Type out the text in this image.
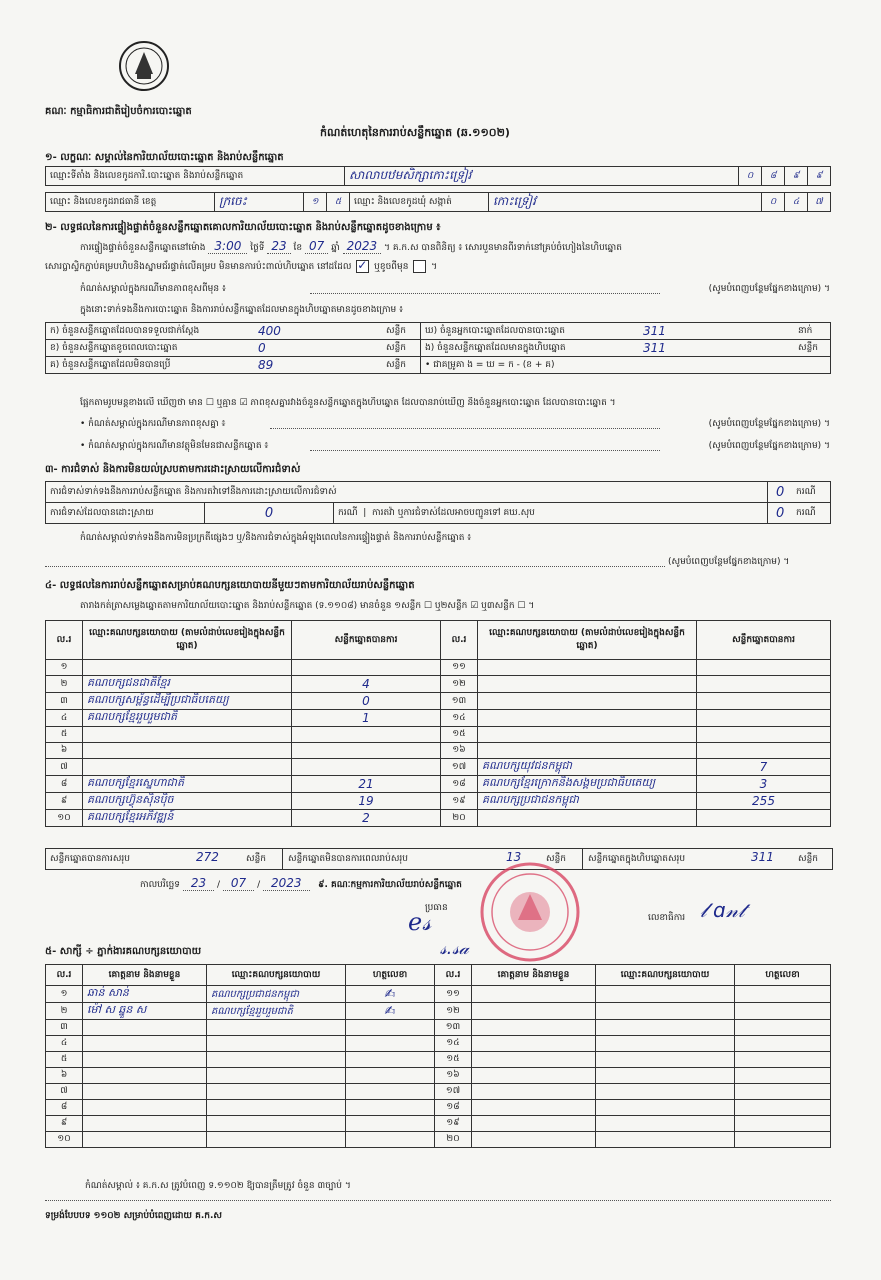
គណៈ កម្មាធិការជាតិរៀបចំការបោះឆ្នោត
កំណត់ហេតុនៃការរាប់សន្លឹកឆ្នោត (ឆ.១១០២)
១- លក្ខណៈ សម្គាល់នៃការិយាល័យបោះឆ្នោត និងរាប់សន្លឹកឆ្នោត
ឈ្មោះទីតាំង និងលេខកូដការិ.បោះឆ្នោត និងរាប់សន្លឹកឆ្នោត	សាលាបឋមសិក្សាកោះទ្រៀវ	០	៨	៩	៩
ឈ្មោះ និងលេខកូដរាជធានី ខេត្ត	ក្រចេះ	១	៥	ឈ្មោះ និងលេខកូដឃុំ សង្កាត់	កោះទ្រៀវ	០	៤	៧
២- លទ្ធផលនៃការផ្ទៀងផ្ទាត់ចំនួនសន្លឹកឆ្នោតគោលការិយាល័យបោះឆ្នោត និងរាប់សន្លឹកឆ្នោតដូចខាងក្រោម ៖
ការផ្ទៀងផ្ទាត់ចំនួនសន្លឹកឆ្នោតនៅម៉ោង 3:00 ថ្ងៃទី 23 ខែ 07 ឆ្នាំ 2023 ។ គ.ក.ស បានពិនិត្យ ៖ សោរបួនមានពីរទាក់នៅគ្រប់ចំហៀងនៃហិបឆ្នោត
សោរប្លាស្ទិកភ្ជាប់គម្របហិបនិងស្នាមជ័រផ្ទាត់លើគម្រប មិនមានការប៉ះពាល់ហិបឆ្នោត នៅដដែល ✓	ឬខូចពីមុន  ។
កំណត់សម្គាល់ក្នុងករណីមានភាពខុសពីមុន ៖	(សូមបំពេញបន្ថែមផ្នែកខាងក្រោម) ។
ក្នុងនោះទាក់ទងនឹងការបោះឆ្នោត និងការរាប់សន្លឹកឆ្នោតដែលមានក្នុងហិបឆ្នោតមានដូចខាងក្រោម ៖
ក) ចំនួនសន្លឹកឆ្នោតដែលបានទទួលជាក់ស្តែង	400	សន្លឹក	ឃ) ចំនួនអ្នកបោះឆ្នោតដែលបានបោះឆ្នោត	311	នាក់
ខ) ចំនួនសន្លឹកឆ្នោតខូចពេលបោះឆ្នោត	0	សន្លឹក	ង) ចំនួនសន្លឹកឆ្នោតដែលមានក្នុងហិបឆ្នោត	311	សន្លឹក
គ) ចំនួនសន្លឹកឆ្នោតដែលមិនបានប្រើ	89	សន្លឹក	• ជាគម្រូគា ង = ឃ = ក - (ខ + គ)		
ផ្អែកតាមរូបមន្តខាងលើ ឃើញថា មាន ☐ ឬគ្មាន ☑ ភាពខុសគ្នារវាងចំនួនសន្លឹកឆ្នោតក្នុងហិបឆ្នោត ដែលបានរាប់ឃើញ និងចំនួនអ្នកបោះឆ្នោត ដែលបានបោះឆ្នោត ។
• កំណត់សម្គាល់ក្នុងករណីមានភាពខុសគ្នា ៖	(សូមបំពេញបន្ថែមផ្នែកខាងក្រោម) ។
• កំណត់សម្គាល់ក្នុងករណីមានវត្ថុមិនមែនជាសន្លឹកឆ្នោត ៖	(សូមបំពេញបន្ថែមផ្នែកខាងក្រោម) ។
៣- ការជំទាស់ និងការមិនយល់ស្របតាមការដោះស្រាយលើការជំទាស់
ការជំទាស់ទាក់ទងនឹងការរាប់សន្លឹកឆ្នោត និងការតវ៉ាទៅនឹងការដោះស្រាយលើការជំទាស់			0	ករណី
ការជំទាស់ដែលបានដោះស្រាយ	0	ករណី  |  ការតវ៉ា ឬការជំទាស់ដែលអាចបញ្ជូនទៅ គឃ.សុប	0	ករណី
កំណត់សម្គាល់ទាក់ទងនឹងការមិនប្រក្រតីផ្សេងៗ ឬ/និងការជំទាស់ក្នុងអំឡុងពេលនៃការផ្ទៀងផ្ទាត់ និងការរាប់សន្លឹកឆ្នោត ៖
(សូមបំពេញបន្ថែមផ្នែកខាងក្រោម) ។
៤- លទ្ធផលនៃការរាប់សន្លឹកឆ្នោតសម្រាប់គណបក្សនយោបាយនីមួយៗតាមការិយាល័យរាប់សន្លឹកឆ្នោត
តារាងកត់ត្រាសម្លេងឆ្នោតតាមការិយាល័យបោះឆ្នោត និងរាប់សន្លឹកឆ្នោត (ទ.១១០៨) មានចំនួន ១សន្លឹក ☐ ឬ២សន្លឹក ☑ ឬ៣សន្លឹក ☐ ។
ល.រ	ឈ្មោះគណបក្សនយោបាយ (តាមលំដាប់លេខរៀងក្នុងសន្លឹកឆ្នោត)	សន្លឹកឆ្នោតបានការ	ល.រ	ឈ្មោះគណបក្សនយោបាយ (តាមលំដាប់លេខរៀងក្នុងសន្លឹកឆ្នោត)	សន្លឹកឆ្នោតបានការ
១			១១		
២	គណបក្សជនជាតិខ្មែរ	4	១២		
៣	គណបក្សសម្ព័ន្ធដើម្បីប្រជាធិបតេយ្យ	0	១៣		
៤	គណបក្សខ្មែររួបរួមជាតិ	1	១៤		
៥			១៥		
៦			១៦		
៧			១៧	គណបក្សយុវជនកម្ពុជា	7
៨	គណបក្សខ្មែរស្នេហាជាតិ	21	១៨	គណបក្សខ្មែរក្រោកនិងសង្គមប្រជាធិបតេយ្យ	3
៩	គណបក្សហ៊្វុនស៊ិនប៉ិច	19	១៩	គណបក្សប្រជាជនកម្ពុជា	255
១០	គណបក្សខ្មែរអភិវឌ្ឍន៍	2	២០		
សន្លឹកឆ្នោតបានការសរុប	272	សន្លឹក សន្លឹកឆ្នោតមិនបានការពេលរាប់សរុប	13	សន្លឹក សន្លឹកឆ្នោតក្នុងហិបឆ្នោតសរុប	311	សន្លឹក
កាលបរិច្ឆេទ 23 / 07 / 2023 ៩. គណៈកម្មការការិយាល័យរាប់សន្លឹកឆ្នោត
ប្រធាន
ℯ𝓈	លេខាធិការ 𝓁 ɑ𝓃𝓉
𝓈.𝓈𝒶
៥- សាក្សី ÷ ភ្នាក់ងារគណបក្សនយោបាយ
ល.រ	គោត្តនាម និងនាមខ្លួន	ឈ្មោះគណបក្សនយោបាយ	ហត្ថលេខា	ល.រ	គោត្តនាម និងនាមខ្លួន	ឈ្មោះគណបក្សនយោបាយ	ហត្ថលេខា
១	ឆាន់ សាន់	គណបក្សប្រជាជនកម្ពុជា	✍	១១			
២	ម៉ៅ ស ឆ្នួន ស	គណបក្សខ្មែររួបរួមជាតិ	✍	១២			
៣				១៣			
៤				១៤			
៥				១៥			
៦				១៦			
៧				១៧			
៨				១៨			
៩				១៩			
១០				២០			
កំណត់សម្គាល់ ៖ គ.ក.ស ត្រូវបំពេញ ទ.១១០២ ឱ្យបានត្រឹមត្រូវ ចំនួន ៣ច្បាប់ ។
ទម្រង់បែបបទ ១១០២ សម្រាប់បំពេញដោយ គ.ក.ស
